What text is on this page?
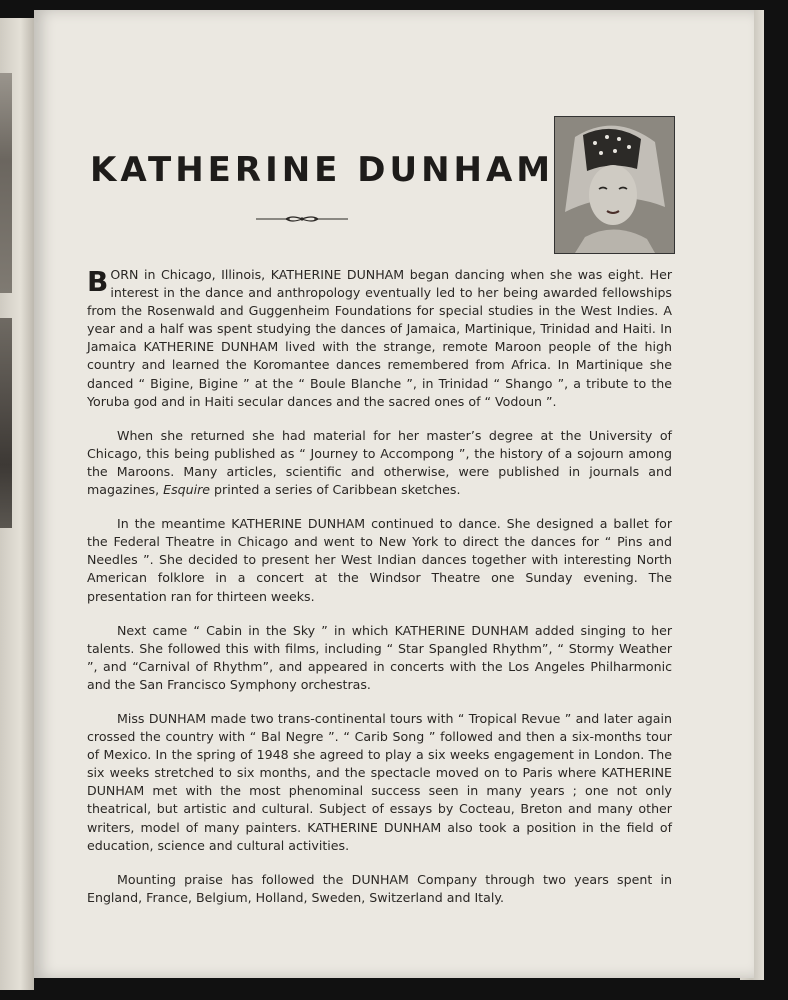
KATHERINE DUNHAM

BORN in Chicago, Illinois, KATHERINE DUNHAM began dancing when she was eight. Her interest in the dance and anthropology eventually led to her being awarded fellowships from the Rosenwald and Guggenheim Foundations for special studies in the West Indies. A year and a half was spent studying the dances of Jamaica, Martinique, Trinidad and Haiti. In Jamaica KATHERINE DUNHAM lived with the strange, remote Maroon people of the high country and learned the Koromantee dances remembered from Africa. In Martinique she danced “ Bigine, Bigine ” at the “ Boule Blanche ”, in Trinidad “ Shango ”, a tribute to the Yoruba god and in Haiti secular dances and the sacred ones of “ Vodoun ”.

When she returned she had material for her master’s degree at the University of Chicago, this being published as “ Journey to Accompong ”, the history of a sojourn among the Maroons. Many articles, scientific and otherwise, were published in journals and magazines, Esquire printed a series of Caribbean sketches.

In the meantime KATHERINE DUNHAM continued to dance. She designed a ballet for the Federal Theatre in Chicago and went to New York to direct the dances for “ Pins and Needles ”. She decided to present her West Indian dances together with interesting North American folklore in a concert at the Windsor Theatre one Sunday evening. The presentation ran for thirteen weeks.

Next came “ Cabin in the Sky ” in which KATHERINE DUNHAM added singing to her talents. She followed this with films, including “ Star Spangled Rhythm”, “ Stormy Weather ”, and “Carnival of Rhythm”, and appeared in concerts with the Los Angeles Philharmonic and the San Francisco Symphony orchestras.

Miss DUNHAM made two trans-continental tours with “ Tropical Revue ” and later again crossed the country with “ Bal Negre ”. “ Carib Song ” followed and then a six-months tour of Mexico. In the spring of 1948 she agreed to play a six weeks engagement in London. The six weeks stretched to six months, and the spectacle moved on to Paris where KATHERINE DUNHAM met with the most phenominal success seen in many years ; one not only theatrical, but artistic and cultural. Subject of essays by Cocteau, Breton and many other writers, model of many painters. KATHERINE DUNHAM also took a position in the field of education, science and cultural activities.

Mounting praise has followed the DUNHAM Company through two years spent in England, France, Belgium, Holland, Sweden, Switzerland and Italy.
